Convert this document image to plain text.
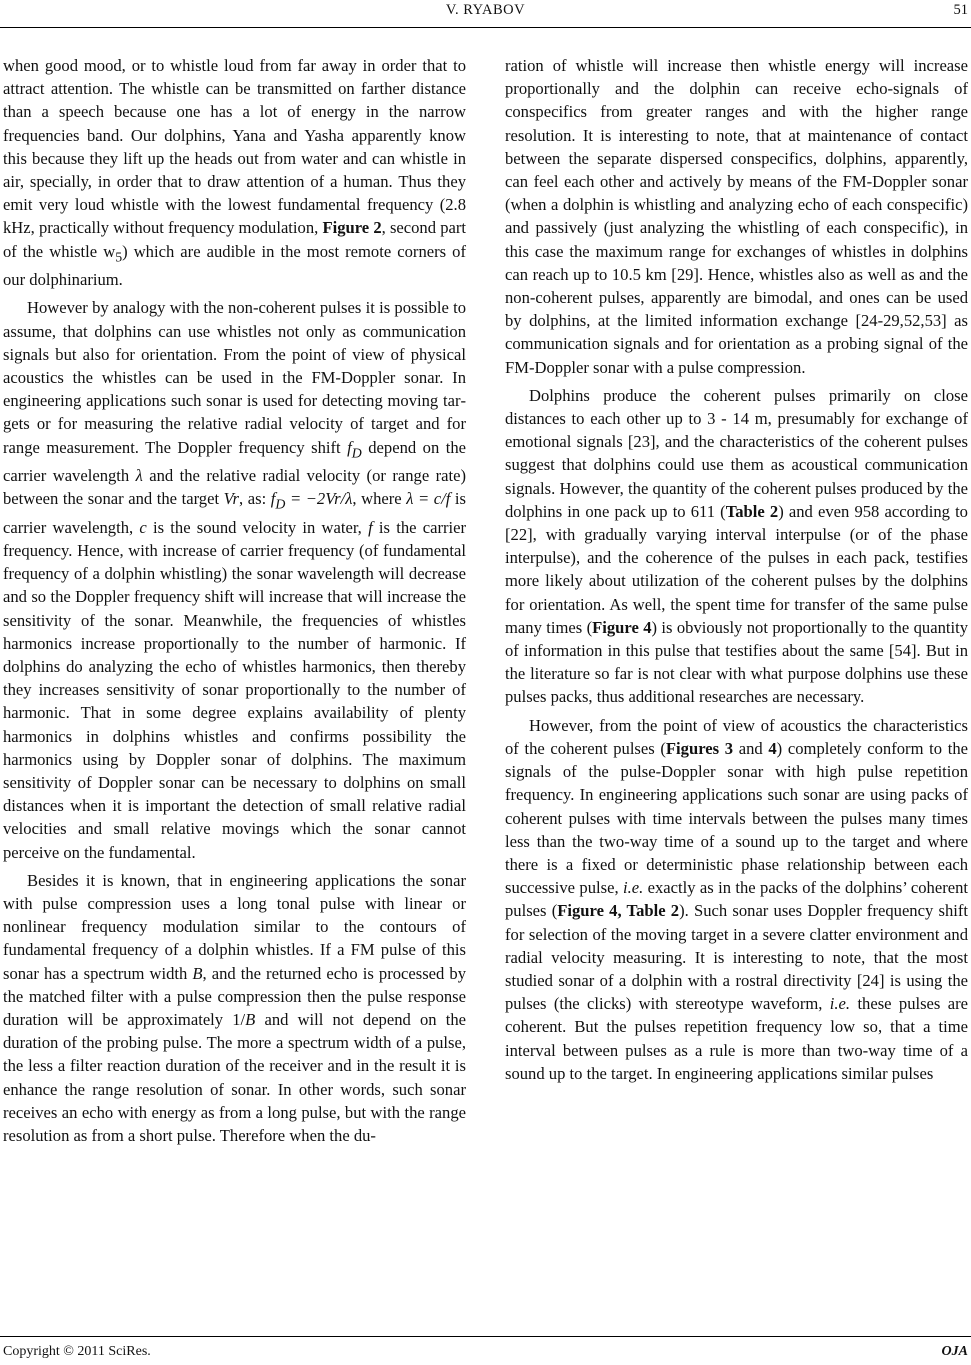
V. RYABOV	51

when good mood, or to whistle loud from far away in order that to attract attention. The whistle can be transmitted on farther distance than a speech because one has a lot of energy in the narrow frequencies band. Our dolphins, Yana and Yasha apparently know this because they lift up the heads out from water and can whistle in air, specially, in order that to draw attention of a human. Thus they emit very loud whistle with the lowest fundamental frequency (2.8 kHz, practically without frequency modulation, Figure 2, second part of the whistle $w_5$) which are audible in the most remote corners of our dolphinarium.

However by analogy with the non-coherent pulses it is possible to assume, that dolphins can use whistles not only as communication signals but also for orientation. From the point of view of physical acoustics the whistles can be used in the FM-Doppler sonar. In engineering applications such sonar is used for detecting moving targets or for measuring the relative radial velocity of target and for range measurement. The Doppler frequency shift $f_D$ depend on the carrier wavelength λ and the relative radial velocity (or range rate) between the sonar and the target Vr, as: $f_D = -2Vr/\lambda$, where λ = c/f is carrier wavelength, c is the sound velocity in water, f is the carrier frequency. Hence, with increase of carrier frequency (of fundamental frequency of a dolphin whistling) the sonar wavelength will decrease and so the Doppler frequency shift will increase that will increase the sensitivity of the sonar. Meanwhile, the frequencies of whistles harmonics increase proportionally to the number of harmonic. If dolphins do analyzing the echo of whistles harmonics, then thereby they increases sensitivity of sonar proportionally to the number of harmonic. That in some degree explains availability of plenty harmonics in dolphins whistles and confirms possibility the harmonics using by Doppler sonar of dolphins. The maximum sensitivity of Doppler sonar can be necessary to dolphins on small distances when it is important the detection of small relative radial velocities and small relative movings which the sonar cannot perceive on the fundamental.

Besides it is known, that in engineering applications the sonar with pulse compression uses a long tonal pulse with linear or nonlinear frequency modulation similar to the contours of fundamental frequency of a dolphin whistles. If a FM pulse of this sonar has a spectrum width B, and the returned echo is processed by the matched filter with a pulse compression then the pulse response duration will be approximately 1/B and will not depend on the duration of the probing pulse. The more a spectrum width of a pulse, the less a filter reaction duration of the receiver and in the result it is enhance the range resolution of sonar. In other words, such sonar receives an echo with energy as from a long pulse, but with the range resolution as from a short pulse. Therefore when the du-

ration of whistle will increase then whistle energy will increase proportionally and the dolphin can receive echo-signals of conspecifics from greater ranges and with the higher range resolution. It is interesting to note, that at maintenance of contact between the separate dispersed conspecifics, dolphins, apparently, can feel each other and actively by means of the FM-Doppler sonar (when a dolphin is whistling and analyzing echo of each conspecific) and passively (just analyzing the whistling of each conspecific), in this case the maximum range for exchanges of whistles in dolphins can reach up to 10.5 km [29]. Hence, whistles also as well as and the non-coherent pulses, apparently are bimodal, and ones can be used by dolphins, at the limited information exchange [24-29,52,53] as communication signals and for orientation as a probing signal of the FM-Doppler sonar with a pulse compression.

Dolphins produce the coherent pulses primarily on close distances to each other up to 3 - 14 m, presumably for exchange of emotional signals [23], and the characteristics of the coherent pulses suggest that dolphins could use them as acoustical communication signals. However, the quantity of the coherent pulses produced by the dolphins in one pack up to 611 (Table 2) and even 958 according to [22], with gradually varying interval interpulse (or of the phase interpulse), and the coherence of the pulses in each pack, testifies more likely about utilization of the coherent pulses by the dolphins for orientation. As well, the spent time for transfer of the same pulse many times (Figure 4) is obviously not proportionally to the quantity of information in this pulse that testifies about the same [54]. But in the literature so far is not clear with what purpose dolphins use these pulses packs, thus additional researches are necessary.

However, from the point of view of acoustics the characteristics of the coherent pulses (Figures 3 and 4) completely conform to the signals of the pulse-Doppler sonar with high pulse repetition frequency. In engineering applications such sonar are using packs of coherent pulses with time intervals between the pulses many times less than the two-way time of a sound up to the target and where there is a fixed or deterministic phase relationship between each successive pulse, i.e. exactly as in the packs of the dolphins’ coherent pulses (Figure 4, Table 2). Such sonar uses Doppler frequency shift for selection of the moving target in a severe clatter environment and radial velocity measuring. It is interesting to note, that the most studied sonar of a dolphin with a rostral directivity [24] is using the pulses (the clicks) with stereotype waveform, i.e. these pulses are coherent. But the pulses repetition frequency low so, that a time interval between pulses as a rule is more than two-way time of a sound up to the target. In engineering applications similar pulses

Copyright © 2011 SciRes.	OJA
